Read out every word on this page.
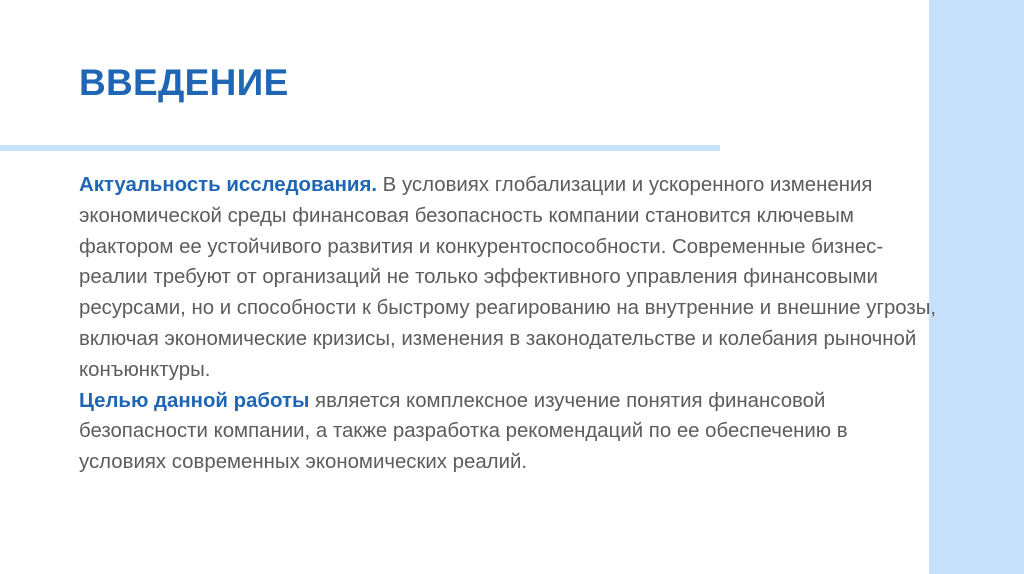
ВВЕДЕНИЕ

Актуальность исследования. В условиях глобализации и ускоренного изменения экономической среды финансовая безопасность компании становится ключевым фактором ее устойчивого развития и конкурентоспособности. Современные бизнес-реалии требуют от организаций не только эффективного управления финансовыми ресурсами, но и способности к быстрому реагированию на внутренние и внешние угрозы, включая экономические кризисы, изменения в законодательстве и колебания рыночной конъюнктуры.

Целью данной работы является комплексное изучение понятия финансовой безопасности компании, а также разработка рекомендаций по ее обеспечению в условиях современных экономических реалий.
